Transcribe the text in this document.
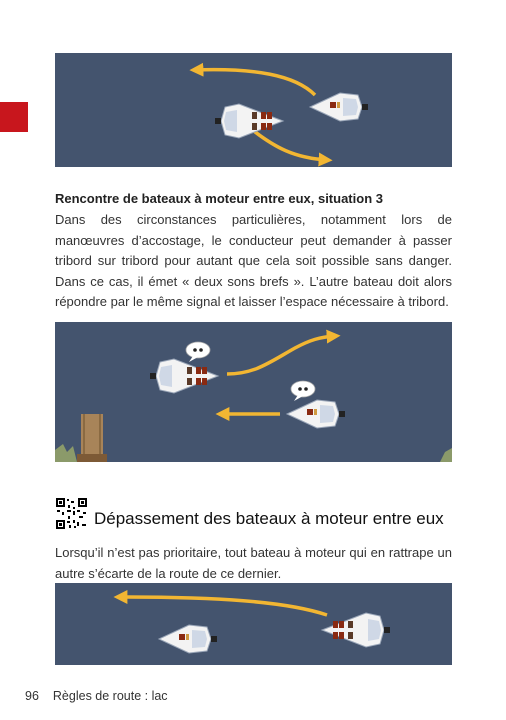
Rencontre de bateaux à moteur entre eux, situation 3
Dans des circonstances particulières, notamment lors de manœuvres d’accostage, le conducteur peut demander à passer tribord sur tribord pour autant que cela soit possible sans danger. Dans ce cas, il émet « deux sons brefs ». L’autre bateau doit alors répondre par le même signal et laisser l’espace nécessaire à tribord.
Dépassement des bateaux à moteur entre eux
Lorsqu’il n’est pas prioritaire, tout bateau à moteur qui en rattrape un autre s’écarte de la route de ce dernier.
96 Règles de route : lac
